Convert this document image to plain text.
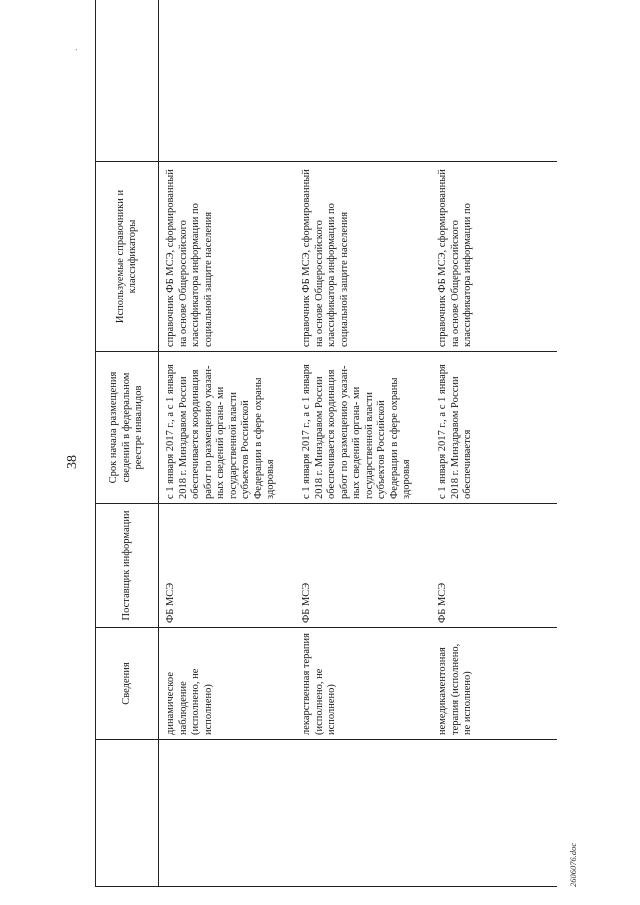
38
.
	Сведения	Поставщик информации	Срок начала размещения сведений в федеральном реестре инвалидов	Используемые справочники и классификаторы	
	динамическое наблюдение (исполнено, не исполнено)	ФБ МСЭ	с 1 января 2017 г., а с 1 января 2018 г. Минздравом России обеспечивается координация работ по размещению указан- ных сведений органа- ми государственной власти субъектов Российской Федерации в сфере охраны здоровья	справочник ФБ МСЭ, сформированный на основе Общероссийского классификатора информации по социальной защите населения	
	лекарственная терапия (исполнено, не исполнено)	ФБ МСЭ	с 1 января 2017 г., а с 1 января 2018 г. Минздравом России обеспечивается координация работ по размещению указан- ных сведений органа- ми государственной власти субъектов Российской Федерации в сфере охраны здоровья	справочник ФБ МСЭ, сформированный на основе Общероссийского классификатора информации по социальной защите населения	
	немедикаментозная терапия (исполнено, не исполнено)	ФБ МСЭ	с 1 января 2017 г., а с 1 января 2018 г. Минздравом России обеспечивается	справочник ФБ МСЭ, сформированный на основе Общероссийского классификатора информации по	
2606076.doc
